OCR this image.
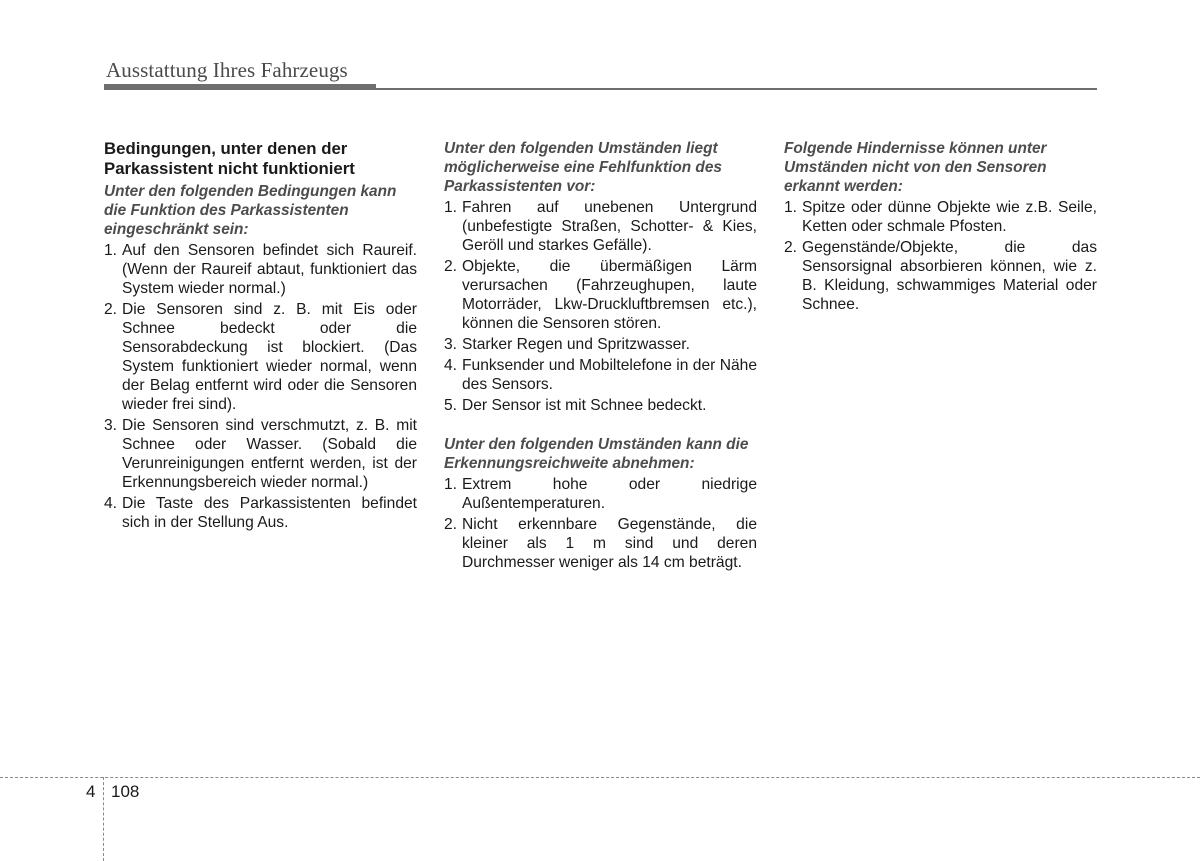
Ausstattung Ihres Fahrzeugs
Bedingungen, unter denen der Parkassistent nicht funktioniert
Unter den folgenden Bedingungen kann die Funktion des Parkassistenten eingeschränkt sein:
1. Auf den Sensoren befindet sich Raureif. (Wenn der Raureif abtaut, funktioniert das System wieder normal.)
2. Die Sensoren sind z. B. mit Eis oder Schnee bedeckt oder die Sensorabdeckung ist blockiert. (Das System funktioniert wieder normal, wenn der Belag entfernt wird oder die Sensoren wieder frei sind).
3. Die Sensoren sind verschmutzt, z. B. mit Schnee oder Wasser. (Sobald die Verunreinigungen entfernt werden, ist der Erkennungsbereich wieder normal.)
4. Die Taste des Parkassistenten befindet sich in der Stellung Aus.
Unter den folgenden Umständen liegt möglicherweise eine Fehlfunktion des Parkassistenten vor:
1. Fahren auf unebenen Untergrund (unbefestigte Straßen, Schotter- & Kies, Geröll und starkes Gefälle).
2. Objekte, die übermäßigen Lärm verursachen (Fahrzeughupen, laute Motorräder, Lkw-Druckluftbremsen etc.), können die Sensoren stören.
3. Starker Regen und Spritzwasser.
4. Funksender und Mobiltelefone in der Nähe des Sensors.
5. Der Sensor ist mit Schnee bedeckt.
Unter den folgenden Umständen kann die Erkennungsreichweite abnehmen:
1. Extrem hohe oder niedrige Außentemperaturen.
2. Nicht erkennbare Gegenstände, die kleiner als 1 m sind und deren Durchmesser weniger als 14 cm beträgt.
Folgende Hindernisse können unter Umständen nicht von den Sensoren erkannt werden:
1. Spitze oder dünne Objekte wie z.B. Seile, Ketten oder schmale Pfosten.
2. Gegenstände/Objekte, die das Sensorsignal absorbieren können, wie z. B. Kleidung, schwammiges Material oder Schnee.
4 108
